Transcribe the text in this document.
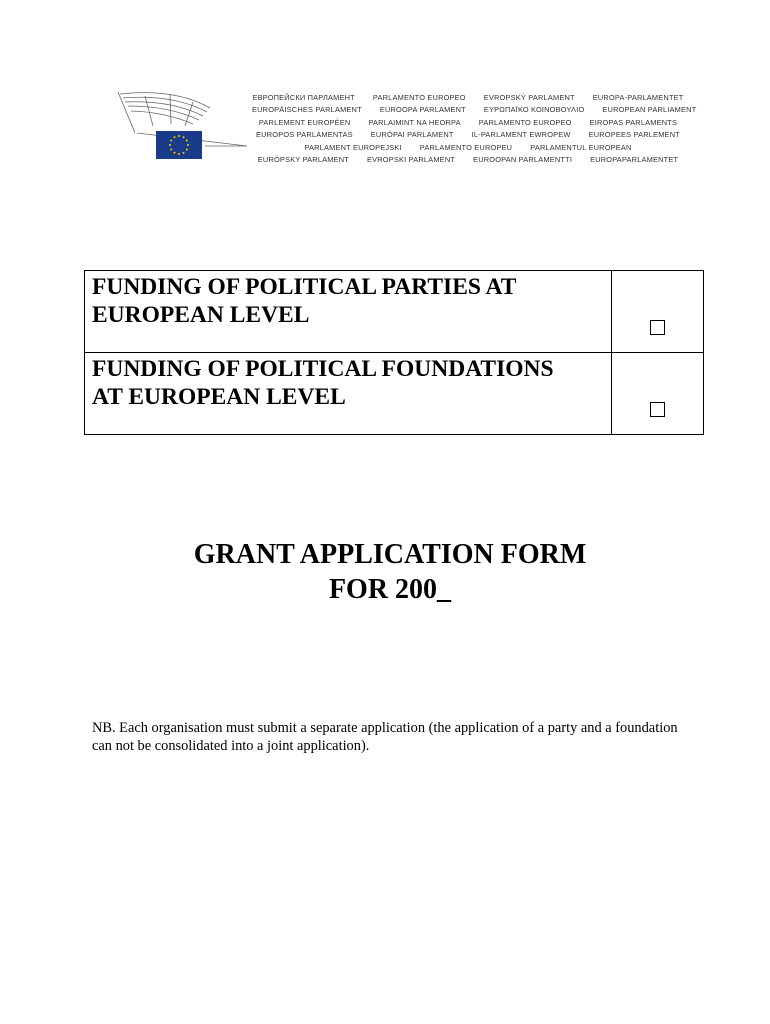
ЕВРОПЕЙСКИ ПАРЛАМЕНТ PARLAMENTO EUROPEO EVROPSKÝ PARLAMENT EUROPA-PARLAMENTET
EUROPÄISCHES PARLAMENT EUROOPA PARLAMENT ΕΥΡΩΠΑΪΚΟ ΚΟΙΝΟΒΟΥΛΙΟ EUROPEAN PARLIAMENT
PARLEMENT EUROPÉEN PARLAIMINT NA HEORPA PARLAMENTO EUROPEO EIROPAS PARLAMENTS
EUROPOS PARLAMENTAS EURÓPAI PARLAMENT IL-PARLAMENT EWROPEW EUROPEES PARLEMENT
PARLAMENT EUROPEJSKI PARLAMENTO EUROPEU PARLAMENTUL EUROPEAN
EURÓPSKY PARLAMENT EVROPSKI PARLAMENT EUROOPAN PARLAMENTTI EUROPAPARLAMENTET
FUNDING OF POLITICAL PARTIES AT
EUROPEAN LEVEL	
FUNDING OF POLITICAL FOUNDATIONS
AT EUROPEAN LEVEL	
GRANT APPLICATION FORM
FOR 200_
NB. Each organisation must submit a separate application (the application of a party and a foundation can not be consolidated into a joint application).
